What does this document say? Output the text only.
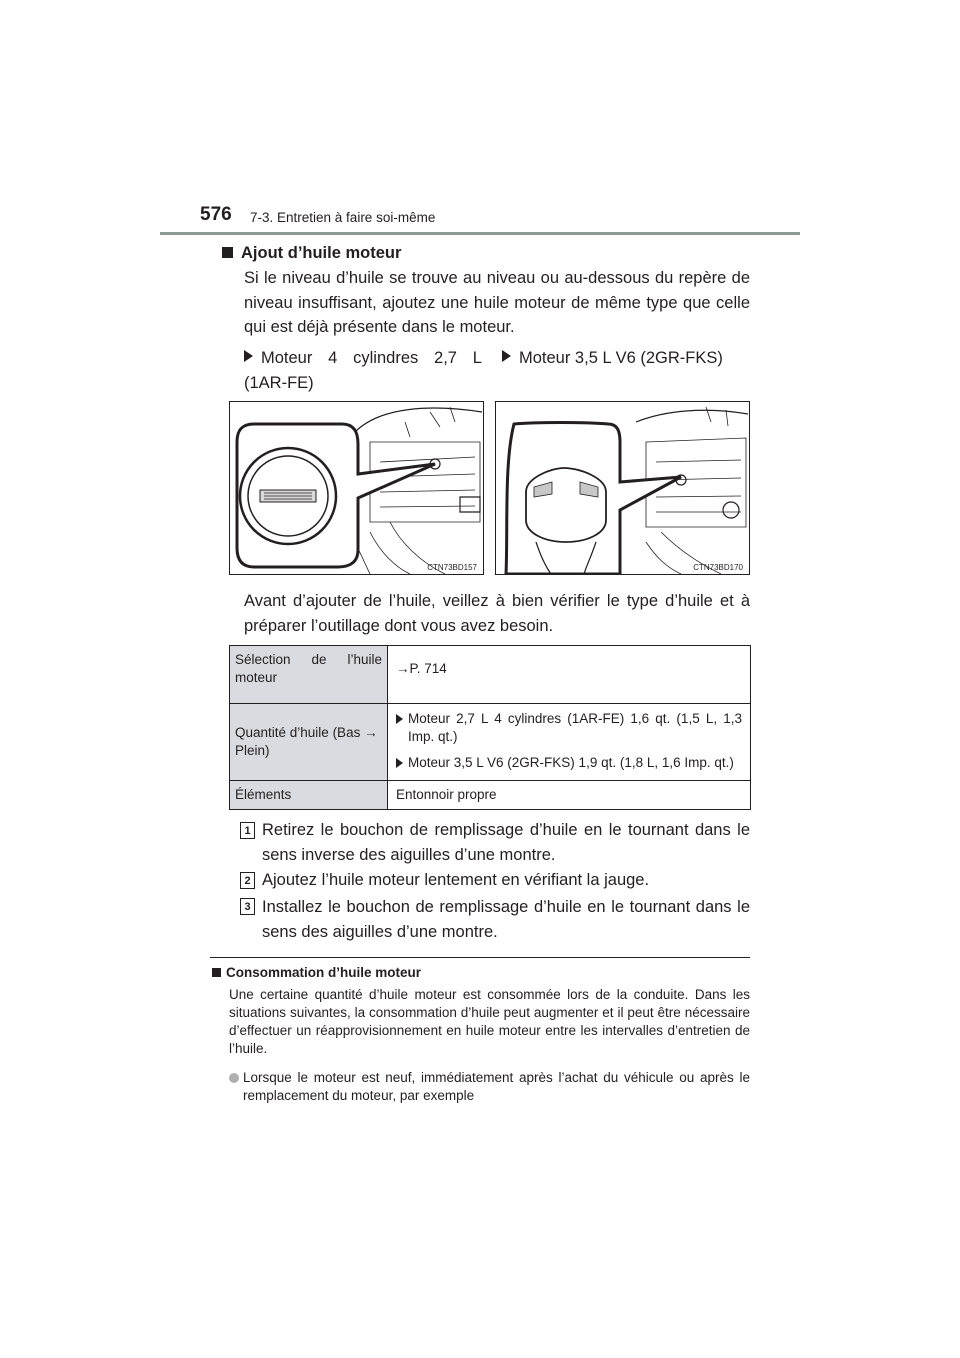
576 7-3. Entretien à faire soi-même
Ajout d’huile moteur
Si le niveau d’huile se trouve au niveau ou au-dessous du repère de niveau insuffisant, ajoutez une huile moteur de même type que celle qui est déjà présente dans le moteur.
Moteur 4 cylindres 2,7 L
(1AR-FE)
Moteur 3,5 L V6 (2GR-FKS)
CTN73BD157	CTN73BD170
Avant d’ajouter de l’huile, veillez à bien vérifier le type d’huile et à préparer l’outillage dont vous avez besoin.
Sélection de l’huile moteur	→P. 714

Quantité d’huile (Bas → Plein)	Moteur 2,7 L 4 cylindres (1AR-FE) 1,6 qt. (1,5 L, 1,3 Imp. qt.)
Moteur 3,5 L V6 (2GR-FKS) 1,9 qt. (1,8 L, 1,6 Imp. qt.)

Éléments	Entonnoir propre
1 Retirez le bouchon de remplissage d’huile en le tournant dans le sens inverse des aiguilles d’une montre.
2 Ajoutez l’huile moteur lentement en vérifiant la jauge.
3 Installez le bouchon de remplissage d’huile en le tournant dans le sens des aiguilles d’une montre.
Consommation d’huile moteur
Une certaine quantité d’huile moteur est consommée lors de la conduite. Dans les situations suivantes, la consommation d’huile peut augmenter et il peut être nécessaire d’effectuer un réapprovisionnement en huile moteur entre les intervalles d’entretien de l’huile.
Lorsque le moteur est neuf, immédiatement après l’achat du véhicule ou après le remplacement du moteur, par exemple
